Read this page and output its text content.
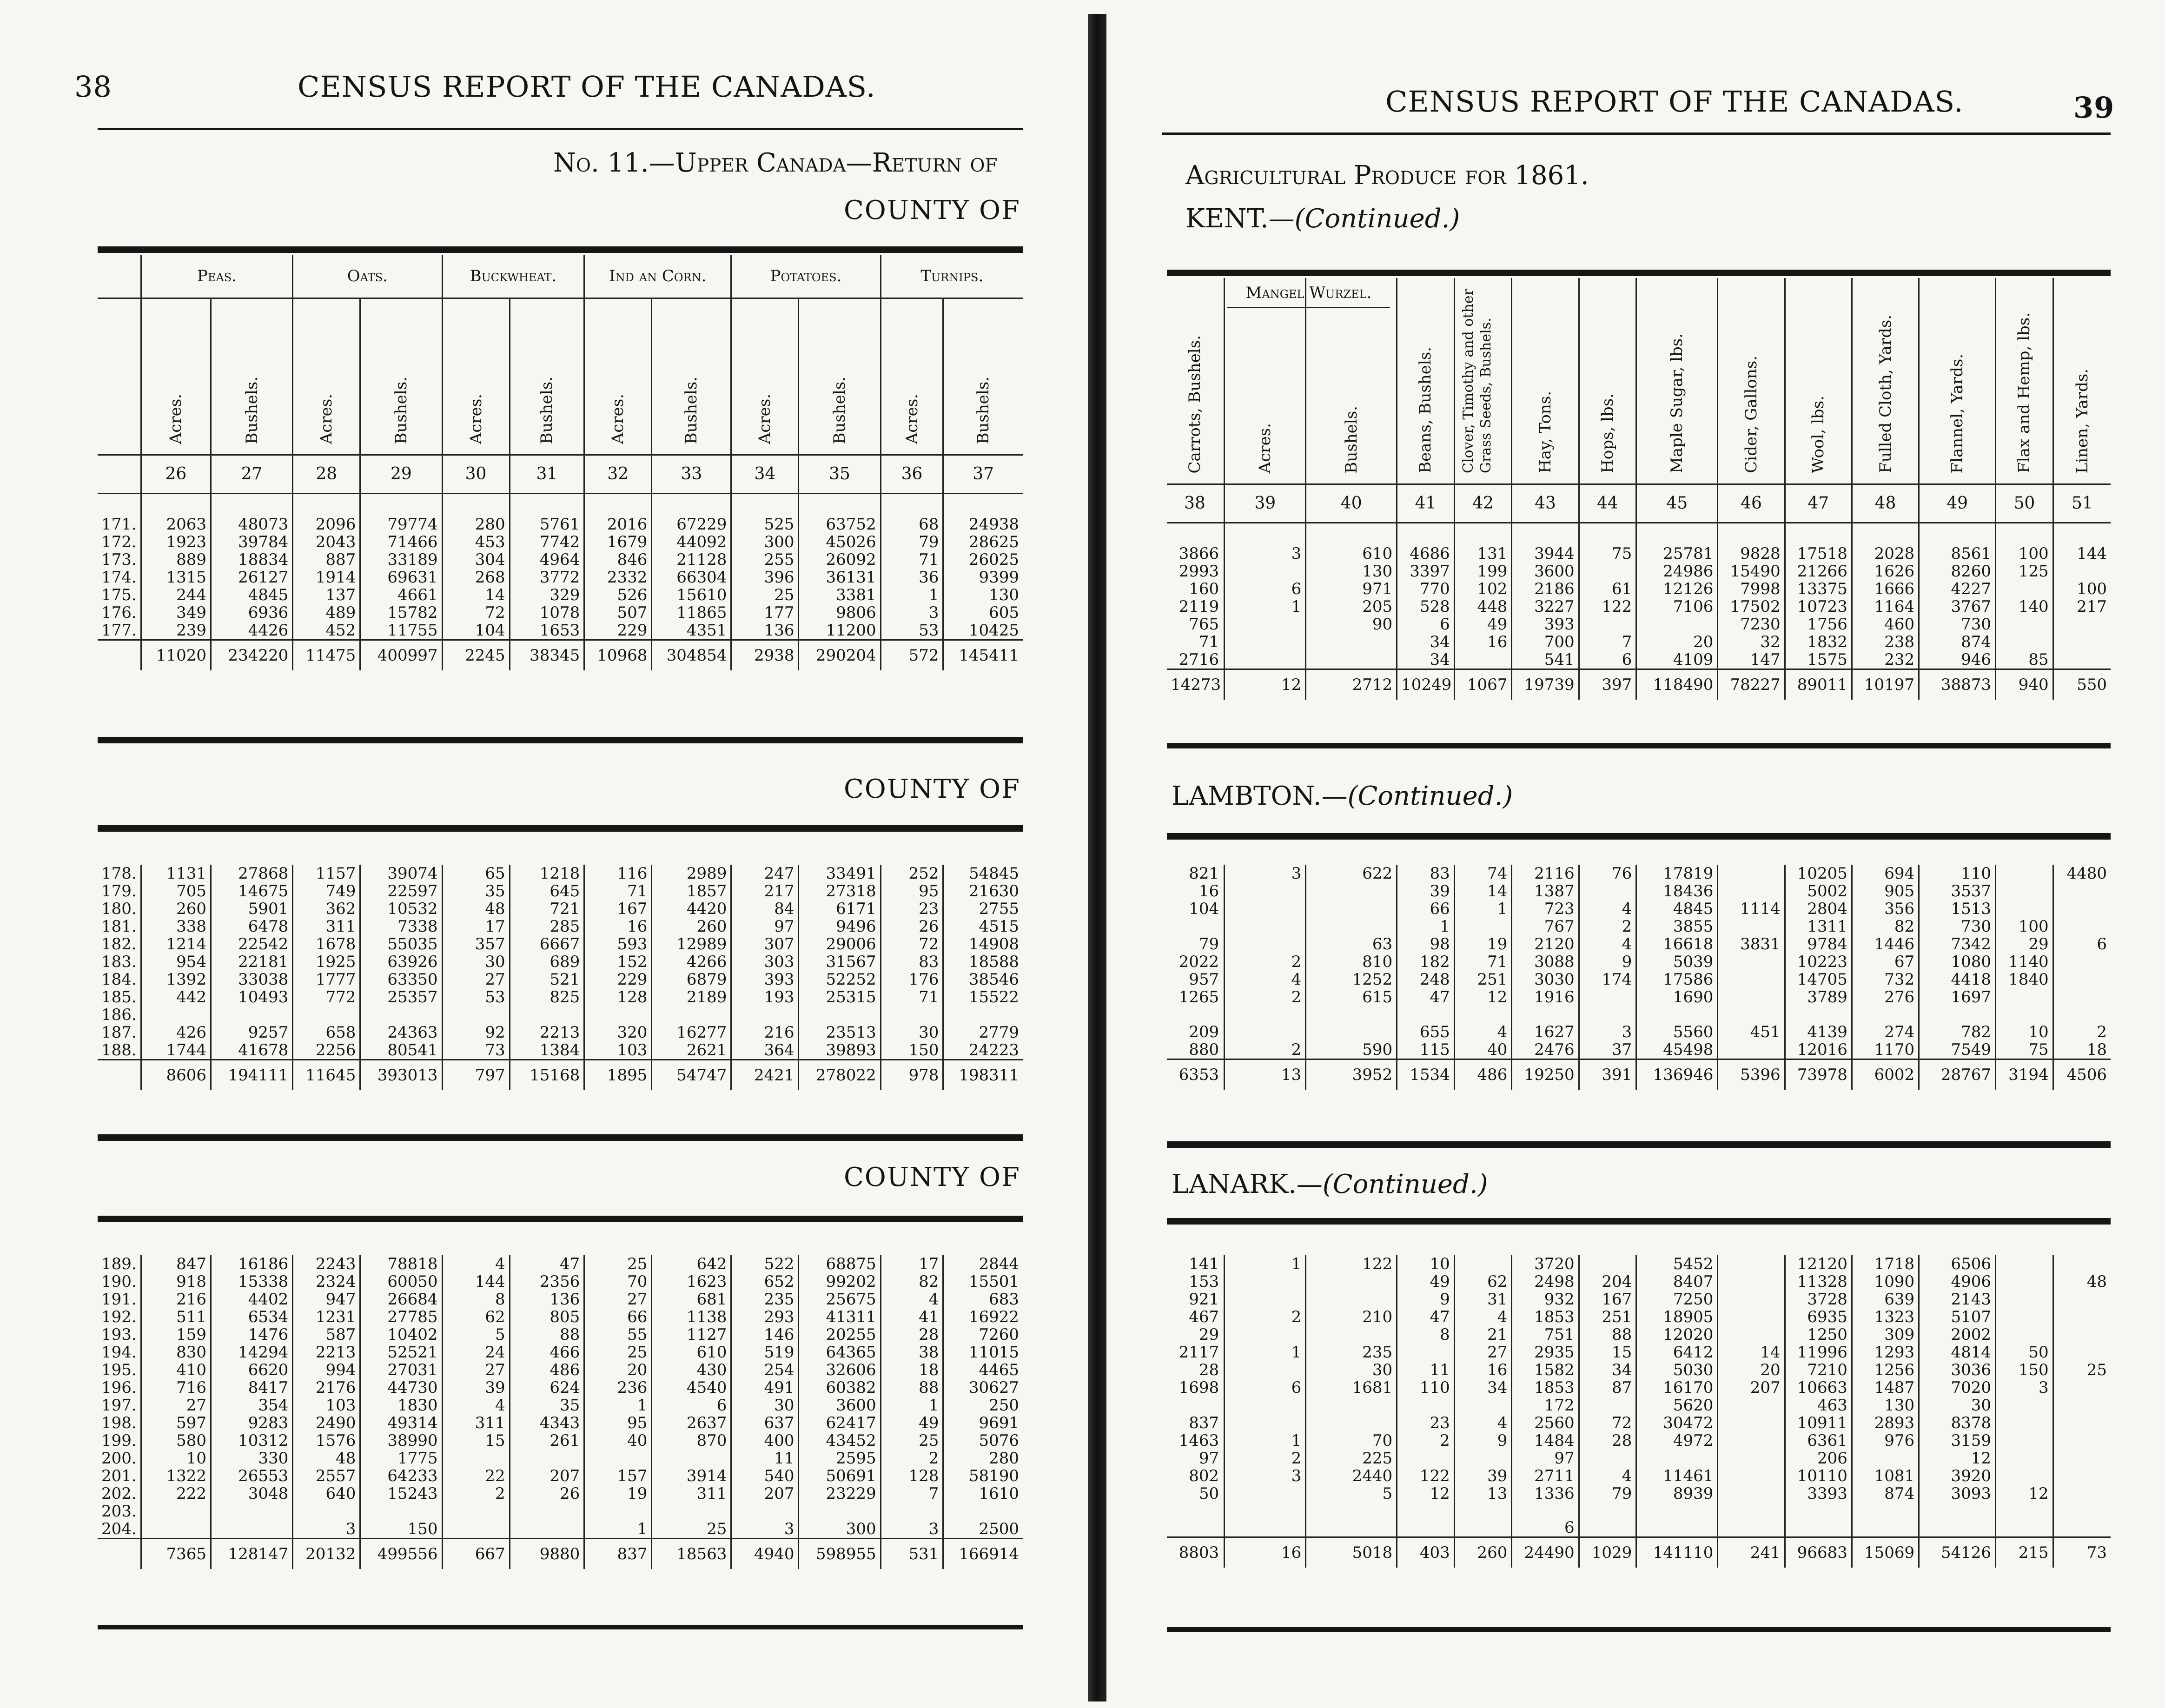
38	CENSUS REPORT OF THE CANADAS.
No. 11.—Upper Canada—Return of
COUNTY OF
	Peas.		Oats.		Buckwheat.		Ind an Corn.		Potatoes.		Turnips.	
	Acres.	Bushels.	Acres.	Bushels.	Acres.	Bushels.	Acres.	Bushels.	Acres.	Bushels.	Acres.	Bushels.
	26	27	28	29	30	31	32	33	34	35	36	37

171.	2063	48073	2096	79774	280	5761	2016	67229	525	63752	68	24938
172.	1923	39784	2043	71466	453	7742	1679	44092	300	45026	79	28625
173.	889	18834	887	33189	304	4964	846	21128	255	26092	71	26025
174.	1315	26127	1914	69631	268	3772	2332	66304	396	36131	36	9399
175.	244	4845	137	4661	14	329	526	15610	25	3381	1	130
176.	349	6936	489	15782	72	1078	507	11865	177	9806	3	605
177.	239	4426	452	11755	104	1653	229	4351	136	11200	53	10425
	11020	234220	11475	400997	2245	38345	10968	304854	2938	290204	572	145411
COUNTY OF
178.	1131	27868	1157	39074	65	1218	116	2989	247	33491	252	54845
179.	705	14675	749	22597	35	645	71	1857	217	27318	95	21630
180.	260	5901	362	10532	48	721	167	4420	84	6171	23	2755
181.	338	6478	311	7338	17	285	16	260	97	9496	26	4515
182.	1214	22542	1678	55035	357	6667	593	12989	307	29006	72	14908
183.	954	22181	1925	63926	30	689	152	4266	303	31567	83	18588
184.	1392	33038	1777	63350	27	521	229	6879	393	52252	176	38546
185.	442	10493	772	25357	53	825	128	2189	193	25315	71	15522
186.												
187.	426	9257	658	24363	92	2213	320	16277	216	23513	30	2779
188.	1744	41678	2256	80541	73	1384	103	2621	364	39893	150	24223
	8606	194111	11645	393013	797	15168	1895	54747	2421	278022	978	198311
COUNTY OF
189.	847	16186	2243	78818	4	47	25	642	522	68875	17	2844
190.	918	15338	2324	60050	144	2356	70	1623	652	99202	82	15501
191.	216	4402	947	26684	8	136	27	681	235	25675	4	683
192.	511	6534	1231	27785	62	805	66	1138	293	41311	41	16922
193.	159	1476	587	10402	5	88	55	1127	146	20255	28	7260
194.	830	14294	2213	52521	24	466	25	610	519	64365	38	11015
195.	410	6620	994	27031	27	486	20	430	254	32606	18	4465
196.	716	8417	2176	44730	39	624	236	4540	491	60382	88	30627
197.	27	354	103	1830	4	35	1	6	30	3600	1	250
198.	597	9283	2490	49314	311	4343	95	2637	637	62417	49	9691
199.	580	10312	1576	38990	15	261	40	870	400	43452	25	5076
200.	10	330	48	1775					11	2595	2	280
201.	1322	26553	2557	64233	22	207	157	3914	540	50691	128	58190
202.	222	3048	640	15243	2	26	19	311	207	23229	7	1610
203.												
204.			3	150			1	25	3	300	3	2500
	7365	128147	20132	499556	667	9880	837	18563	4940	598955	531	166914
CENSUS REPORT OF THE CANADAS.	39
Agricultural Produce for 1861.
KENT.—(Continued.)
Carrots, Bushels.	Acres.	Bushels.	Beans, Bushels.	Clover, Timothy and other Grass Seeds, Bushels.	Hay, Tons.	Hops, lbs.	Maple Sugar, lbs.	Cider, Gallons.	Wool, lbs.	Fulled Cloth, Yards.	Flannel, Yards.	Flax and Hemp, lbs.	Linen, Yards.
38	39	40	41	42	43	44	45	46	47	48	49	50	51

3866	3	610	4686	131	3944	75	25781	9828	17518	2028	8561	100	144
2993		130	3397	199	3600		24986	15490	21266	1626	8260	125	
160	6	971	770	102	2186	61	12126	7998	13375	1666	4227		100
2119	1	205	528	448	3227	122	7106	17502	10723	1164	3767	140	217
765		90	6	49	393			7230	1756	460	730		
71			34	16	700	7	20	32	1832	238	874		
2716			34		541	6	4109	147	1575	232	946	85	
14273	12	2712	10249	1067	19739	397	118490	78227	89011	10197	38873	940	550
LAMBTON.—(Continued.)
821	3	622	83	74	2116	76	17819		10205	694	110		4480
16			39	14	1387		18436		5002	905	3537		
104			66	1	723	4	4845	1114	2804	356	1513		
			1		767	2	3855		1311	82	730	100	
79		63	98	19	2120	4	16618	3831	9784	1446	7342	29	6
2022	2	810	182	71	3088	9	5039		10223	67	1080	1140	
957	4	1252	248	251	3030	174	17586		14705	732	4418	1840	
1265	2	615	47	12	1916		1690		3789	276	1697		

209			655	4	1627	3	5560	451	4139	274	782	10	2
880	2	590	115	40	2476	37	45498		12016	1170	7549	75	18
6353	13	3952	1534	486	19250	391	136946	5396	73978	6002	28767	3194	4506
LANARK.—(Continued.)
141	1	122	10		3720		5452		12120	1718	6506		
153			49	62	2498	204	8407		11328	1090	4906		48
921			9	31	932	167	7250		3728	639	2143		
467	2	210	47	4	1853	251	18905		6935	1323	5107		
29			8	21	751	88	12020		1250	309	2002		
2117	1	235		27	2935	15	6412	14	11996	1293	4814	50	
28		30	11	16	1582	34	5030	20	7210	1256	3036	150	25
1698	6	1681	110	34	1853	87	16170	207	10663	1487	7020	3	
					172		5620		463	130	30		
837			23	4	2560	72	30472		10911	2893	8378		
1463	1	70	2	9	1484	28	4972		6361	976	3159		
97	2	225			97				206		12		
802	3	2440	122	39	2711	4	11461		10110	1081	3920		
50		5	12	13	1336	79	8939		3393	874	3093	12	

					6								
8803	16	5018	403	260	24490	1029	141110	241	96683	15069	54126	215	73
Mangel Wurzel.
